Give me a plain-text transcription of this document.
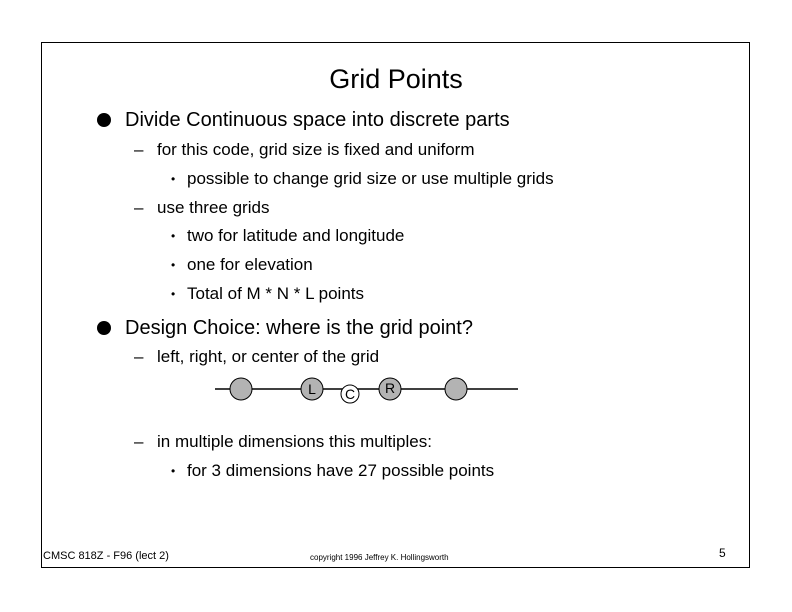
Grid Points
Divide Continuous space into discrete parts
– for this code, grid size is fixed and uniform
• possible to change grid size or use multiple grids
– use three grids
• two for latitude and longitude
• one for elevation
• Total of M * N * L points
Design Choice: where is the grid point?
– left, right, or center of the grid
L C R
– in multiple dimensions this multiples:
• for 3 dimensions have 27 possible points
CMSC 818Z - F96 (lect 2)	copyright 1996 Jeffrey K. Hollingsworth	5
